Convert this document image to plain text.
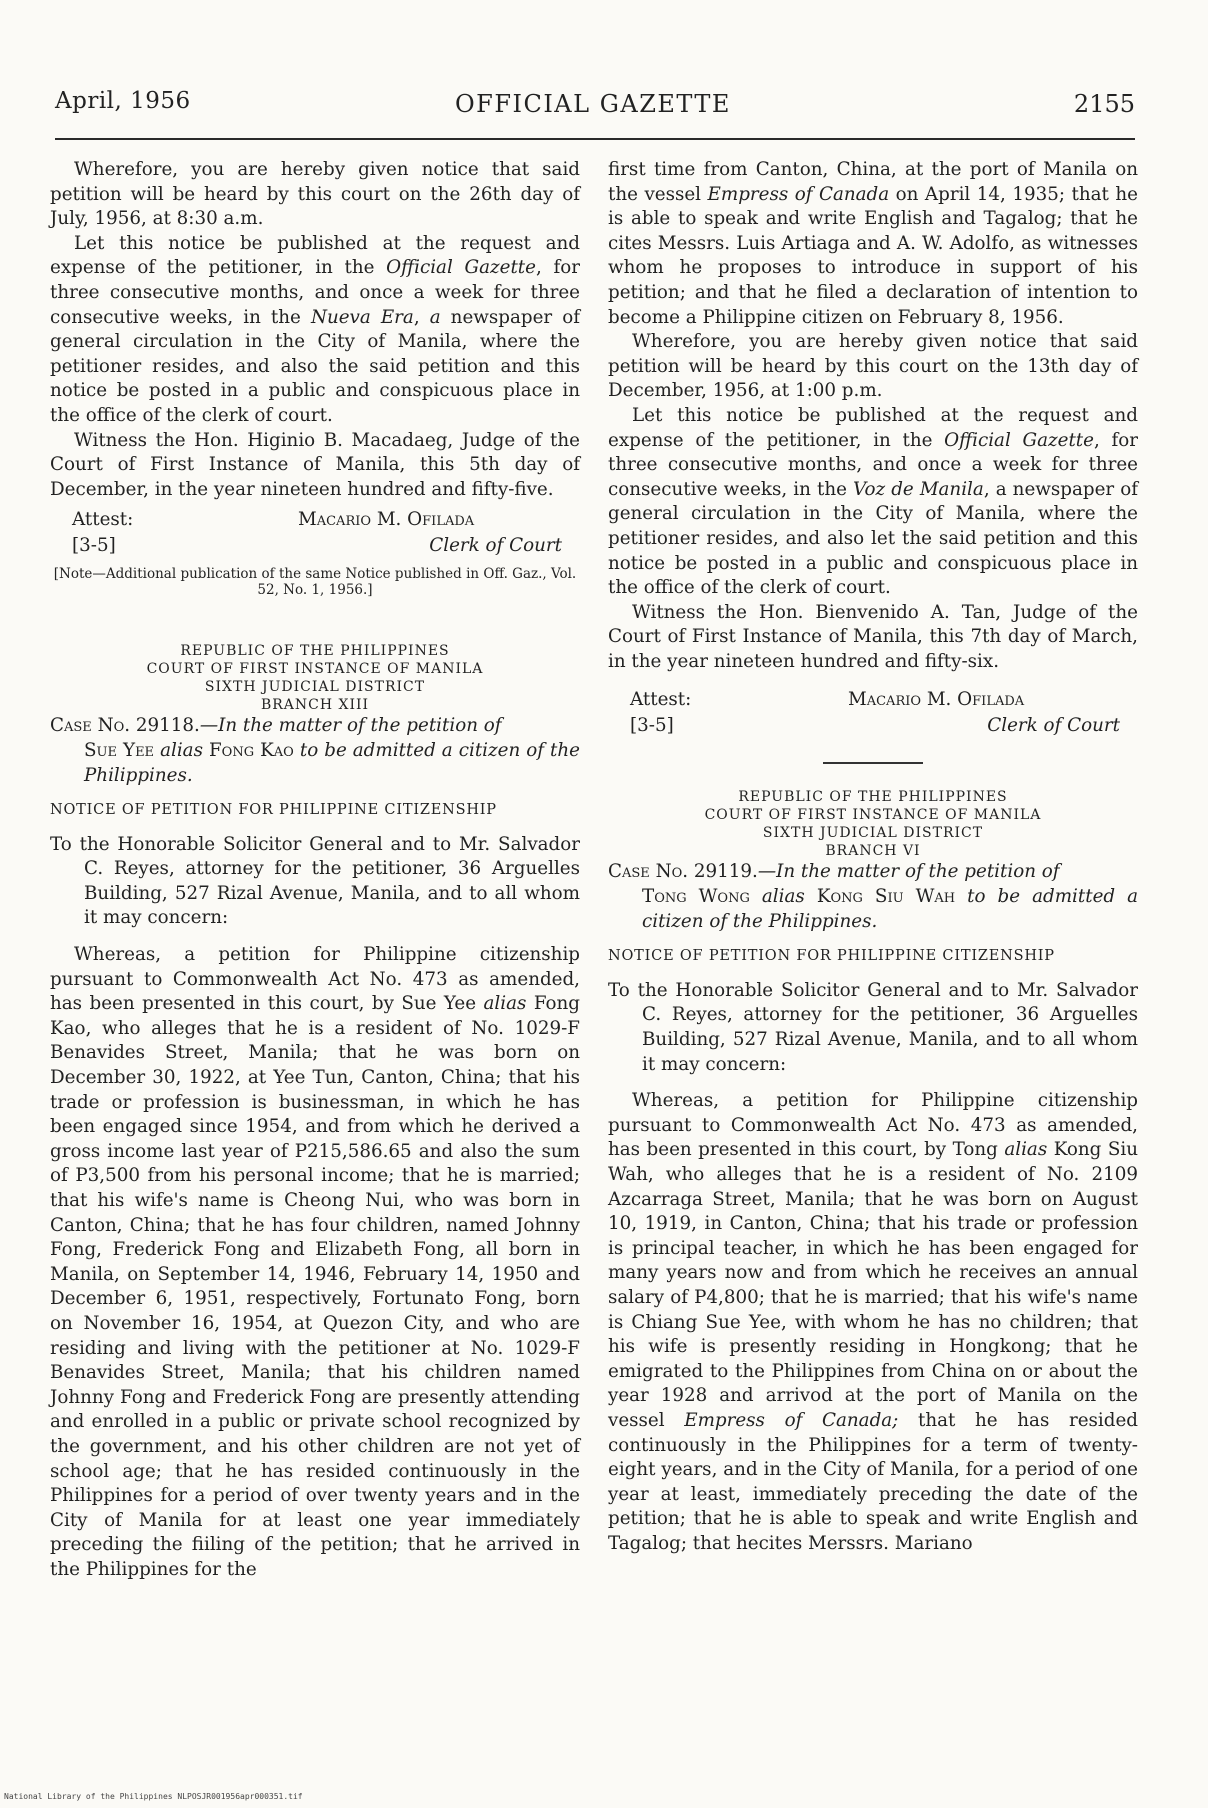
April, 1956	OFFICIAL GAZETTE	2155

Wherefore, you are hereby given notice that said petition will be heard by this court on the 26th day of July, 1956, at 8:30 a.m.

Let this notice be published at the request and expense of the petitioner, in the Official Gazette, for three consecutive months, and once a week for three consecutive weeks, in the Nueva Era, a newspaper of general circulation in the City of Manila, where the petitioner resides, and also the said petition and this notice be posted in a public and conspicuous place in the office of the clerk of court.

Witness the Hon. Higinio B. Macadaeg, Judge of the Court of First Instance of Manila, this 5th day of December, in the year nineteen hundred and fifty-five.

Attest:
[3-5]
Macario M. Ofilada
Clerk of Court
[Note—Additional publication of the same Notice published in Off. Gaz., Vol. 52, No. 1, 1956.]
REPUBLIC OF THE PHILIPPINES
COURT OF FIRST INSTANCE OF MANILA
SIXTH JUDICIAL DISTRICT
BRANCH XIII

Case No. 29118.—In the matter of the petition of

Sue Yee alias Fong Kao to be admitted a citizen of the Philippines.

NOTICE OF PETITION FOR PHILIPPINE CITIZENSHIP

To the Honorable Solicitor General and to Mr. Salvador C. Reyes, attorney for the petitioner, 36 Arguelles Building, 527 Rizal Avenue, Manila, and to all whom it may concern:

Whereas, a petition for Philippine citizenship pursuant to Commonwealth Act No. 473 as amended, has been presented in this court, by Sue Yee alias Fong Kao, who alleges that he is a resident of No. 1029-F Benavides Street, Manila; that he was born on December 30, 1922, at Yee Tun, Canton, China; that his trade or profession is businessman, in which he has been engaged since 1954, and from which he derived a gross income last year of P215,586.65 and also the sum of P3,500 from his personal income; that he is married; that his wife's name is Cheong Nui, who was born in Canton, China; that he has four children, named Johnny Fong, Frederick Fong and Elizabeth Fong, all born in Manila, on September 14, 1946, February 14, 1950 and December 6, 1951, respectively, Fortunato Fong, born on November 16, 1954, at Quezon City, and who are residing and living with the petitioner at No. 1029-F Benavides Street, Manila; that his children named Johnny Fong and Frederick Fong are presently attending and enrolled in a public or private school recognized by the government, and his other children are not yet of school age; that he has resided continuously in the Philippines for a period of over twenty years and in the City of Manila for at least one year immediately preceding the fiiling of the petition; that he arrived in the Philippines for the

first time from Canton, China, at the port of Manila on the vessel Empress of Canada on April 14, 1935; that he is able to speak and write English and Tagalog; that he cites Messrs. Luis Artiaga and A. W. Adolfo, as witnesses whom he proposes to introduce in support of his petition; and that he filed a declaration of intention to become a Philippine citizen on February 8, 1956.

Wherefore, you are hereby given notice that said petition will be heard by this court on the 13th day of December, 1956, at 1:00 p.m.

Let this notice be published at the request and expense of the petitioner, in the Official Gazette, for three consecutive months, and once a week for three consecutive weeks, in the Voz de Manila, a newspaper of general circulation in the City of Manila, where the petitioner resides, and also let the said petition and this notice be posted in a public and conspicuous place in the office of the clerk of court.

Witness the Hon. Bienvenido A. Tan, Judge of the Court of First Instance of Manila, this 7th day of March, in the year nineteen hundred and fifty-six.

Attest:
[3-5]
Macario M. Ofilada
Clerk of Court
REPUBLIC OF THE PHILIPPINES
COURT OF FIRST INSTANCE OF MANILA
SIXTH JUDICIAL DISTRICT
BRANCH VI

Case No. 29119.—In the matter of the petition of

Tong Wong alias Kong Siu Wah to be admitted a citizen of the Philippines.

NOTICE OF PETITION FOR PHILIPPINE CITIZENSHIP

To the Honorable Solicitor General and to Mr. Salvador C. Reyes, attorney for the petitioner, 36 Arguelles Building, 527 Rizal Avenue, Manila, and to all whom it may concern:

Whereas, a petition for Philippine citizenship pursuant to Commonwealth Act No. 473 as amended, has been presented in this court, by Tong alias Kong Siu Wah, who alleges that he is a resident of No. 2109 Azcarraga Street, Manila; that he was born on August 10, 1919, in Canton, China; that his trade or profession is principal teacher, in which he has been engaged for many years now and from which he receives an annual salary of P4,800; that he is married; that his wife's name is Chiang Sue Yee, with whom he has no children; that his wife is presently residing in Hongkong; that he emigrated to the Philippines from China on or about the year 1928 and arrivod at the port of Manila on the vessel Empress of Canada; that he has resided continuously in the Philippines for a term of twenty-eight years, and in the City of Manila, for a period of one year at least, immediately preceding the date of the petition; that he is able to speak and write English and Tagalog; that hecites Merssrs. Mariano

National Library of the Philippines NLPOSJR001956apr000351.tif
